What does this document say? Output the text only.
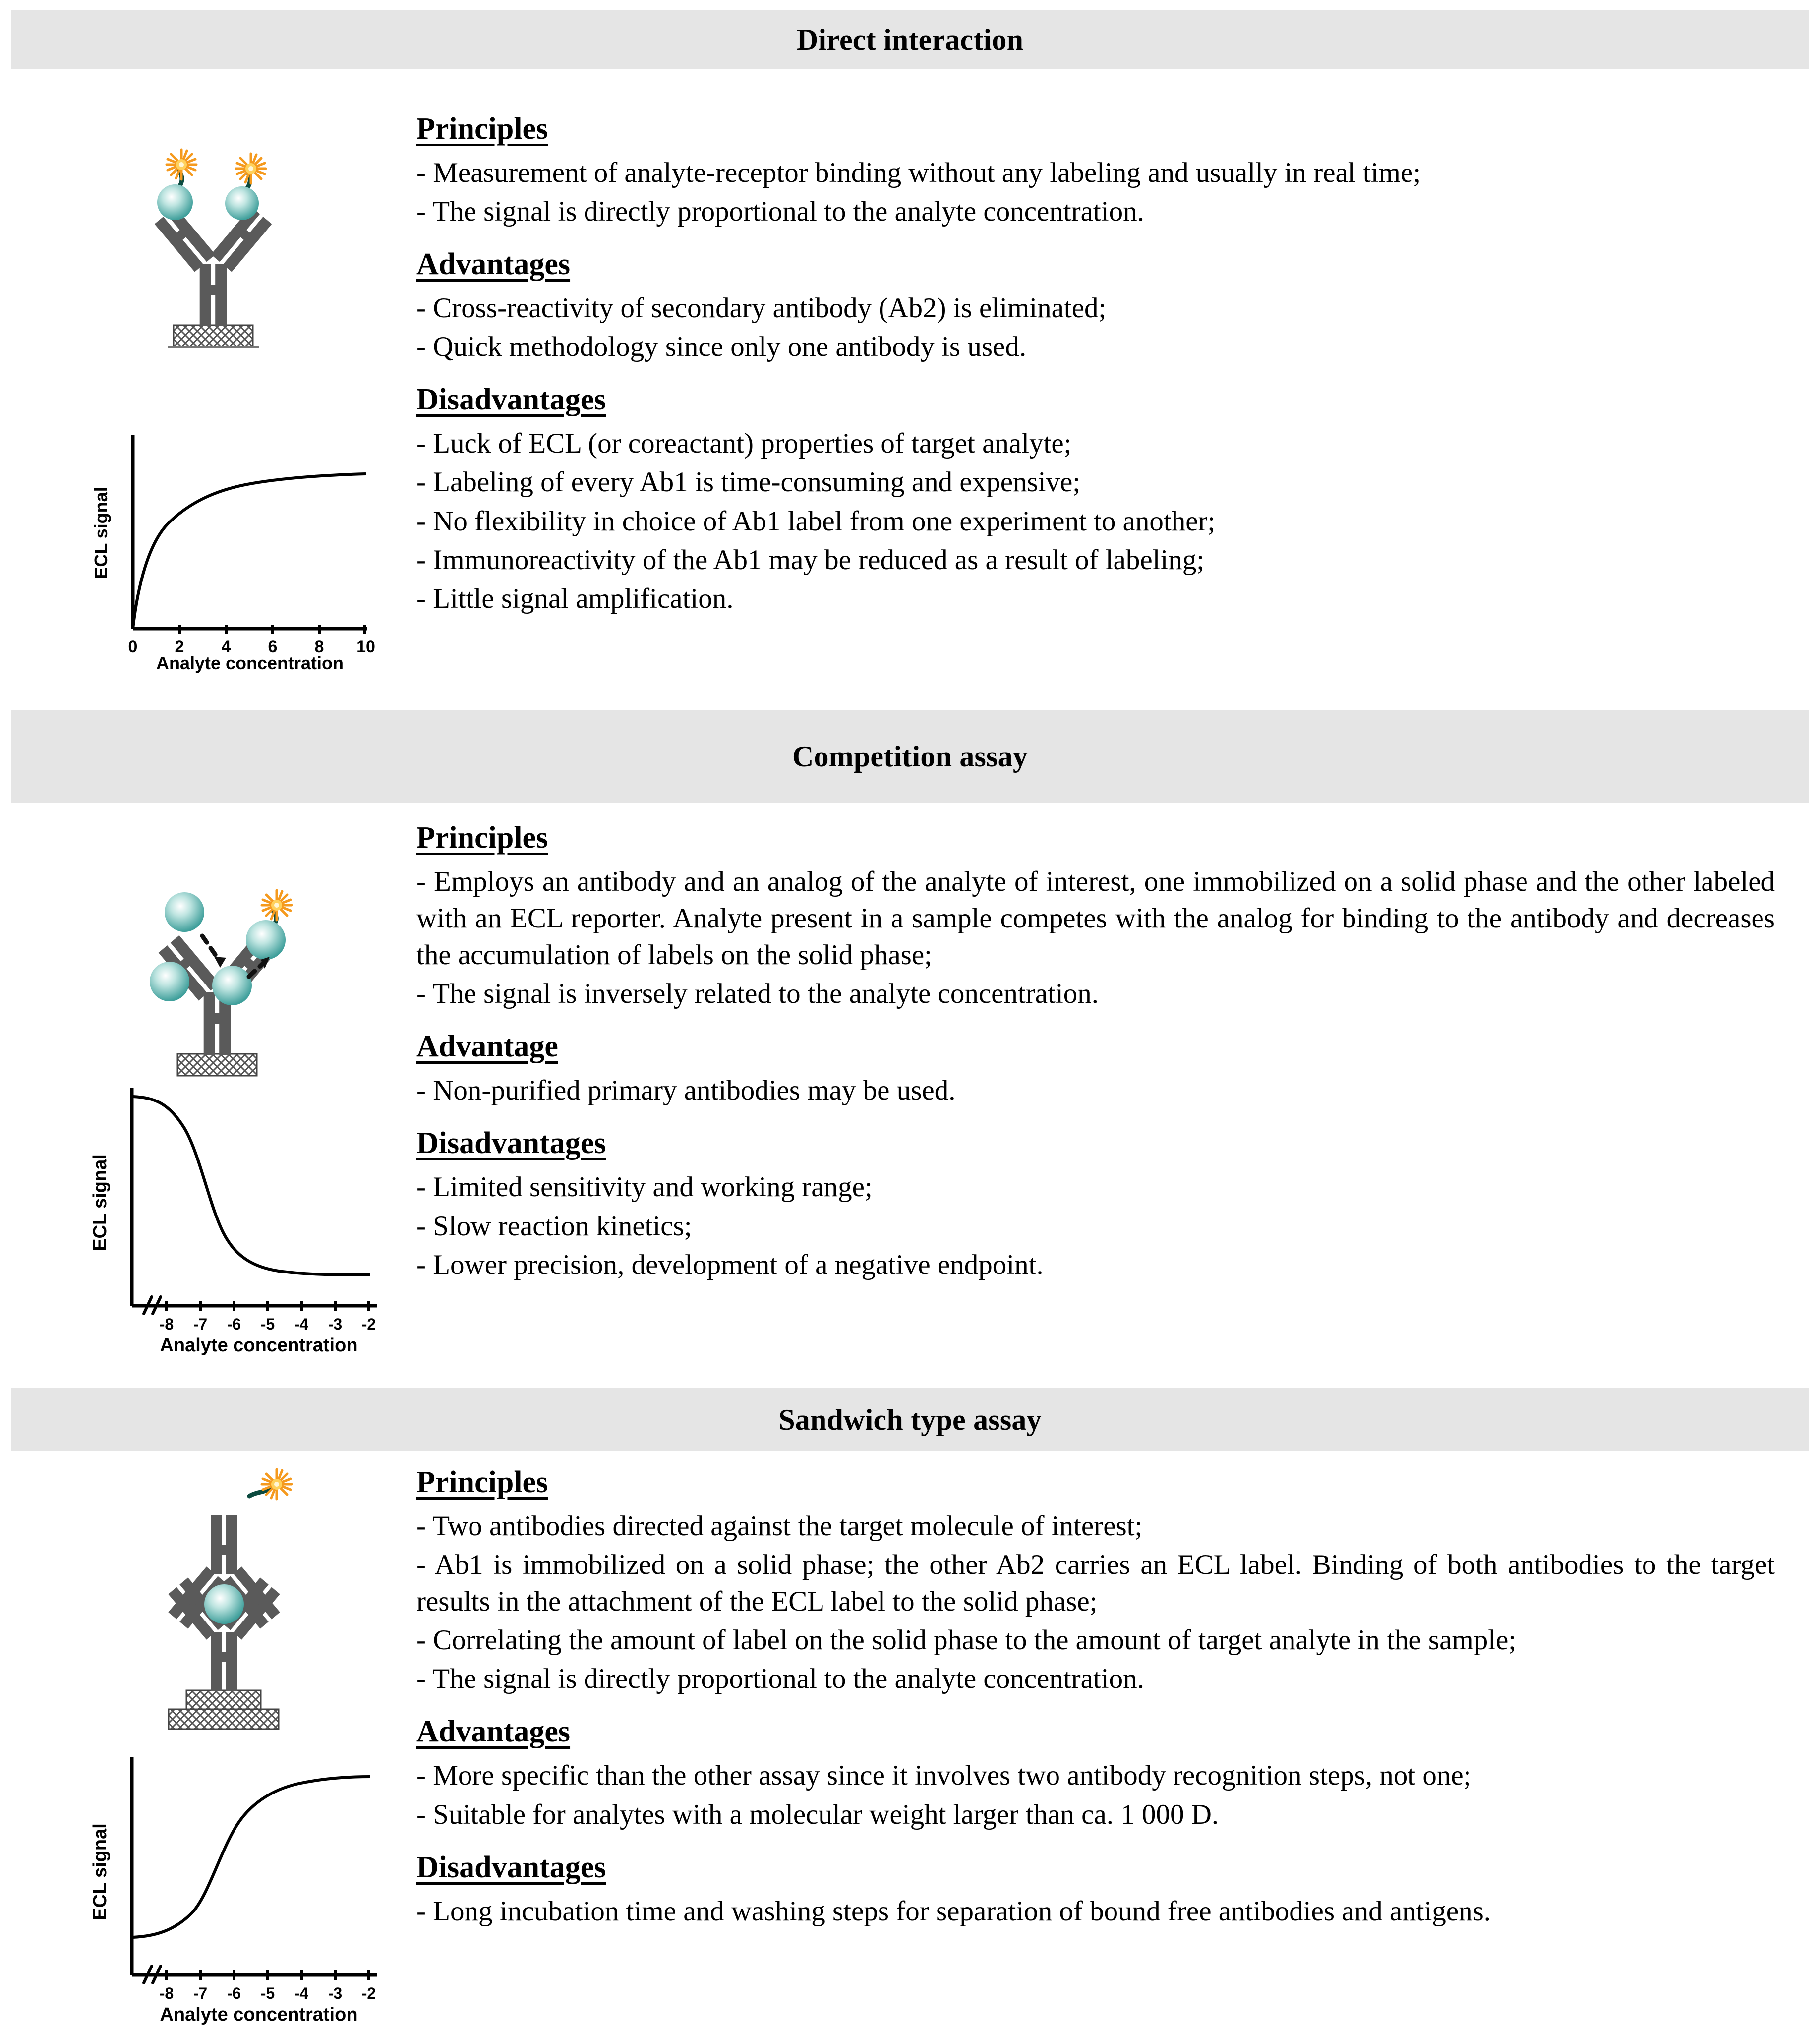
Direct interaction
0 2 4 6 8 10
Analyte concentration
ECL signal
Principles
- Measurement of analyte-receptor binding without any labeling and usually in real time;
- The signal is directly proportional to the analyte concentration.
Advantages
- Cross-reactivity of secondary antibody (Ab2) is eliminated;
- Quick methodology since only one antibody is used.
Disadvantages
- Luck of ECL (or coreactant) properties of target analyte;
- Labeling of every Ab1 is time-consuming and expensive;
- No flexibility in choice of Ab1 label from one experiment to another;
- Immunoreactivity of the Ab1 may be reduced as a result of labeling;
- Little signal amplification.
Competition assay
-8 -7 -6 -5 -4 -3 -2
Analyte concentration
ECL signal
Principles
- Employs an antibody and an analog of the analyte of interest, one immobilized on a solid phase and the other labeled with an ECL reporter. Analyte present in a sample competes with the analog for binding to the antibody and decreases the accumulation of labels on the solid phase;
- The signal is inversely related to the analyte concentration.
Advantage
- Non-purified primary antibodies may be used.
Disadvantages
- Limited sensitivity and working range;
- Slow reaction kinetics;
- Lower precision, development of a negative endpoint.
Sandwich type assay
-8 -7 -6 -5 -4 -3 -2
Analyte concentration
ECL signal
Principles
- Two antibodies directed against the target molecule of interest;
- Ab1 is immobilized on a solid phase; the other Ab2 carries an ECL label. Binding of both antibodies to the target results in the attachment of the ECL label to the solid phase;
- Correlating the amount of label on the solid phase to the amount of target analyte in the sample;
- The signal is directly proportional to the analyte concentration.
Advantages
- More specific than the other assay since it involves two antibody recognition steps, not one;
- Suitable for analytes with a molecular weight larger than ca. 1 000 D.
Disadvantages
- Long incubation time and washing steps for separation of bound free antibodies and antigens.
